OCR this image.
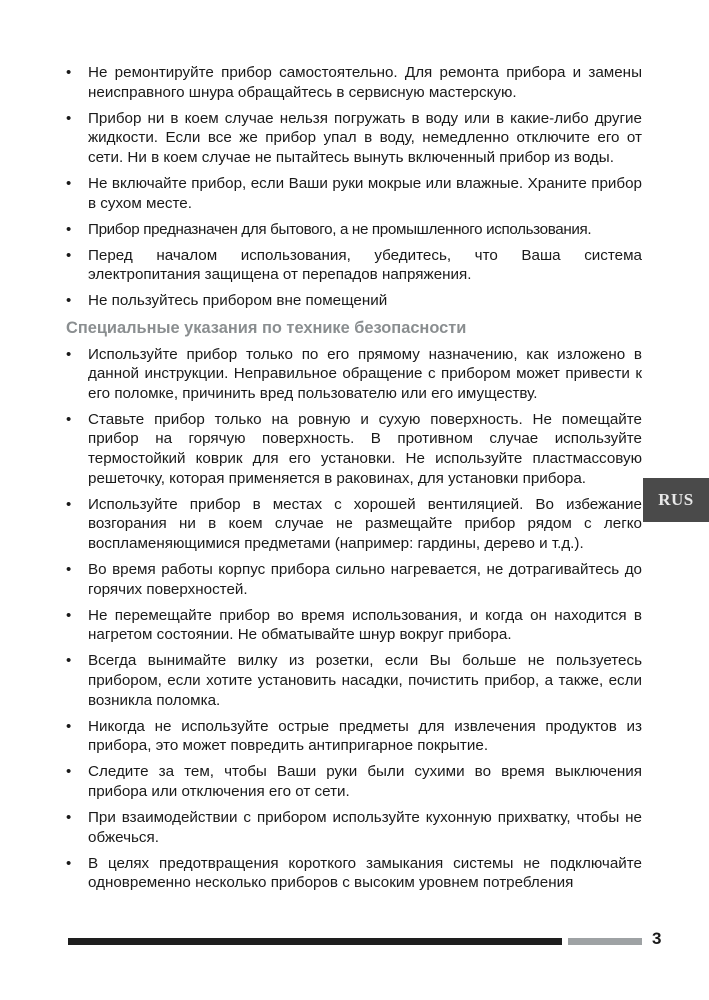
• Не ремонтируйте прибор самостоятельно. Для ремонта прибора и замены неисправного шнура обращайтесь в сервисную мастерскую.
• Прибор ни в коем случае нельзя погружать в воду или в какие-либо другие жидкости. Если все же прибор упал в воду, немедленно отключите его от сети. Ни в коем случае не пытайтесь вынуть включенный прибор из воды.
• Не включайте прибор, если Ваши руки мокрые или влажные. Храните прибор в сухом месте.
• Прибор предназначен для бытового, а не промышленного использования.
• Перед началом использования, убедитесь, что Ваша система электропитания защищена от перепадов напряжения.
• Не пользуйтесь прибором вне помещений
Специальные указания по технике безопасности
• Используйте прибор только по его прямому назначению, как изложено в данной инструкции. Неправильное обращение с прибором может привести к его поломке, причинить вред пользователю или его имуществу.
• Ставьте прибор только на ровную и сухую поверхность. Не помещайте прибор на горячую поверхность. В противном случае используйте термостойкий коврик для его установки. Не используйте пластмассовую решеточку, которая применяется в раковинах, для установки прибора.
• Используйте прибор в местах с хорошей вентиляцией. Во избежание возгорания ни в коем случае не размещайте прибор рядом с легко воспламеняющимися предметами (например: гардины, дерево и т.д.).
• Во время работы корпус прибора сильно нагревается, не дотрагивайтесь до горячих поверхностей.
• Не перемещайте прибор во время использования, и когда он находится в нагретом состоянии. Не обматывайте шнур вокруг прибора.
• Всегда вынимайте вилку из розетки, если Вы больше не пользуетесь прибором, если хотите установить насадки, почистить прибор, а также, если возникла поломка.
• Никогда не используйте острые предметы для извлечения продуктов из прибора, это может повредить антипригарное покрытие.
• Следите за тем, чтобы Ваши руки были сухими во время выключения прибора или отключения его от сети.
• При взаимодействии с прибором используйте кухонную прихватку, чтобы не обжечься.
• В целях предотвращения короткого замыкания системы не подключайте одновременно несколько приборов с высоким уровнем потребления
RUS
3
